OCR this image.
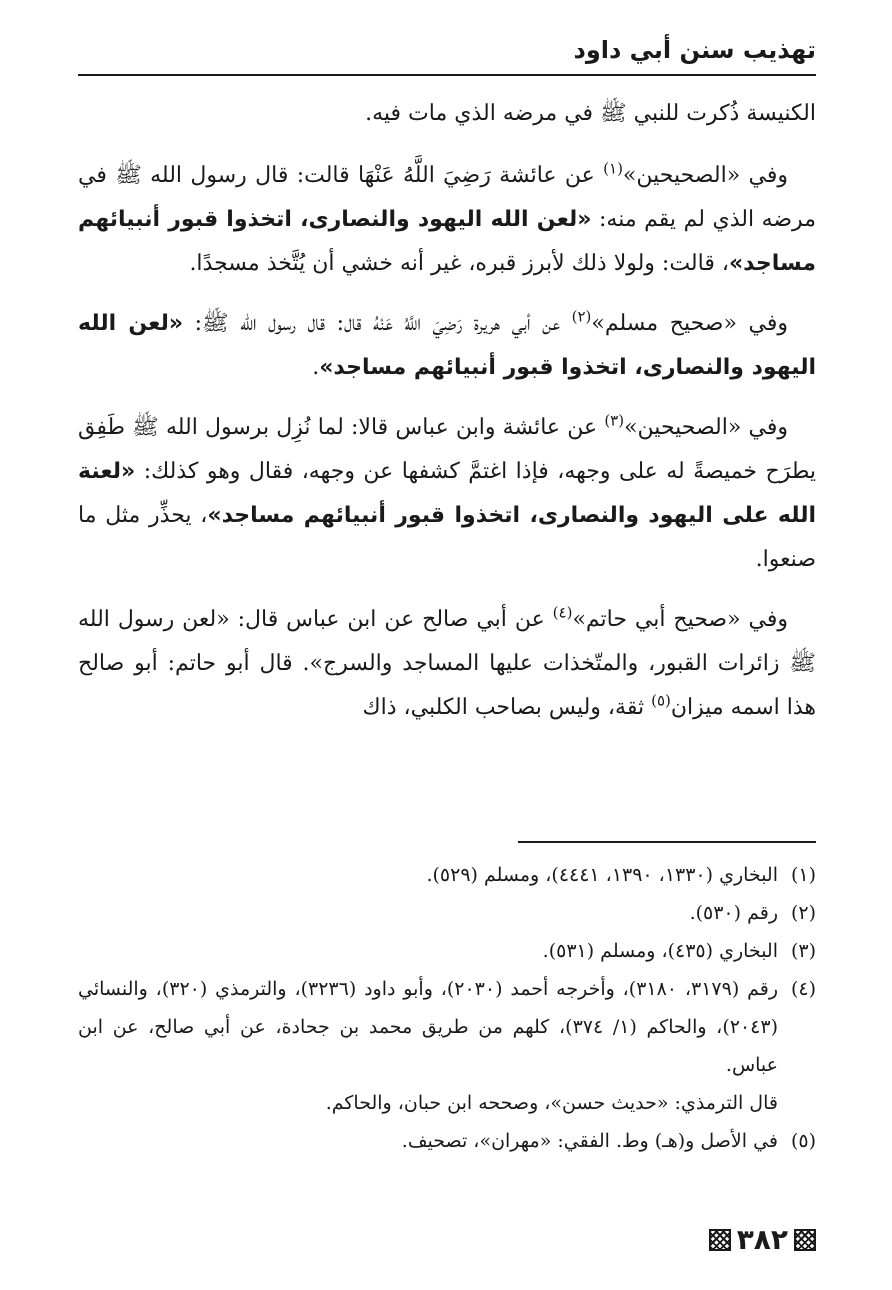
تهذيب سنن أبي داود

الكنيسة ذُكرت للنبي ﷺ في مرضه الذي مات فيه.

وفي «الصحيحين»$^{(١)}$ عن عائشة رَضِيَ اللَّهُ عَنْهَا قالت: قال رسول الله ﷺ في مرضه الذي لم يقم منه: «لعن الله اليهود والنصارى، اتخذوا قبور أنبيائهم مساجد»، قالت: ولولا ذلك لأبرز قبره، غير أنه خشي أن يُتَّخذ مسجدًا.

وفي «صحيح مسلم»$^{(٢)}$ عن أبي هريرة رَضِيَ اللَّهُ عَنْهُ قال: قال رسول الله ﷺ: «لعن الله اليهود والنصارى، اتخذوا قبور أنبيائهم مساجد».

وفي «الصحيحين»$^{(٣)}$ عن عائشة وابن عباس قالا: لما نُزِل برسول الله ﷺ طَفِق يطرَح خميصةً له على وجهه، فإذا اغتمَّ كشفها عن وجهه، فقال وهو كذلك: «لعنة الله على اليهود والنصارى، اتخذوا قبور أنبيائهم مساجد»، يحذِّر مثل ما صنعوا.

وفي «صحيح أبي حاتم»$^{(٤)}$ عن أبي صالح عن ابن عباس قال: «لعن رسول الله ﷺ زائرات القبور، والمتّخذات عليها المساجد والسرج». قال أبو حاتم: أبو صالح هذا اسمه ميزان$^{(٥)}$ ثقة، وليس بصاحب الكلبي، ذاك

(١)
البخاري (١٣٣٠، ١٣٩٠، ٤٤٤١)، ومسلم (٥٢٩).
(٢)
رقم (٥٣٠).
(٣)
البخاري (٤٣٥)، ومسلم (٥٣١).
(٤)
رقم (٣١٧٩، ٣١٨٠)، وأخرجه أحمد (٢٠٣٠)، وأبو داود (٣٢٣٦)، والترمذي (٣٢٠)، والنسائي (٢٠٤٣)، والحاكم (١/ ٣٧٤)، كلهم من طريق محمد بن جحادة، عن أبي صالح، عن ابن عباس.
قال الترمذي: «حديث حسن»، وصححه ابن حبان، والحاكم.
(٥)
في الأصل و(هـ) وط. الفقي: «مهران»، تصحيف.
٣٨٢
